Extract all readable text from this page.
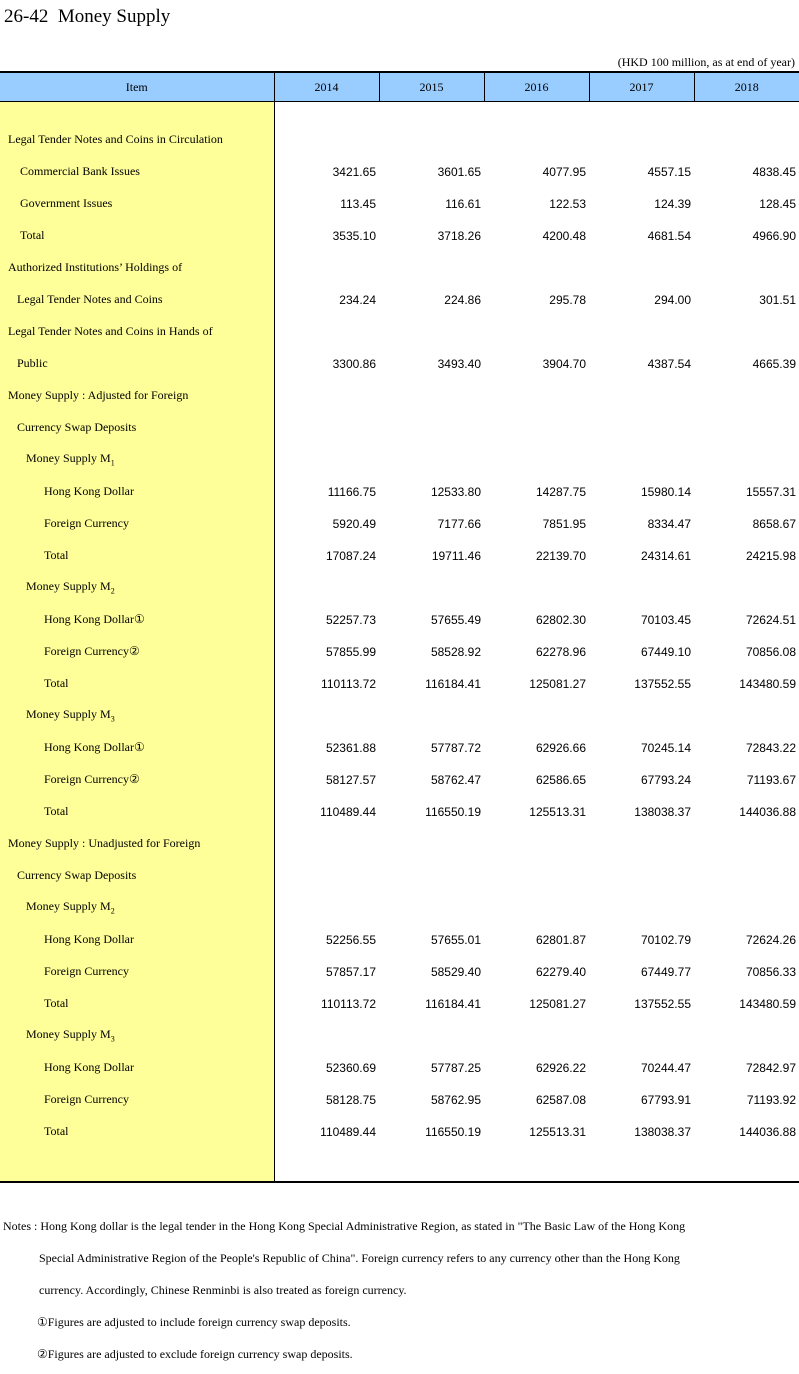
26-42  Money Supply
(HKD 100 million, as at end of year)
Item	2014	2015	2016	2017	2018

Legal Tender Notes and Coins in Circulation					
Commercial Bank Issues	3421.65	3601.65	4077.95	4557.15	4838.45
Government Issues	113.45	116.61	122.53	124.39	128.45
Total	3535.10	3718.26	4200.48	4681.54	4966.90
Authorized Institutions’ Holdings of					
Legal Tender Notes and Coins	234.24	224.86	295.78	294.00	301.51
Legal Tender Notes and Coins in Hands of					
Public	3300.86	3493.40	3904.70	4387.54	4665.39
Money Supply : Adjusted for Foreign					
Currency Swap Deposits					
Money Supply $M_1$					
Hong Kong Dollar	11166.75	12533.80	14287.75	15980.14	15557.31
Foreign Currency	5920.49	7177.66	7851.95	8334.47	8658.67
Total	17087.24	19711.46	22139.70	24314.61	24215.98
Money Supply $M_2$					
Hong Kong Dollar①	52257.73	57655.49	62802.30	70103.45	72624.51
Foreign Currency②	57855.99	58528.92	62278.96	67449.10	70856.08
Total	110113.72	116184.41	125081.27	137552.55	143480.59
Money Supply $M_3$					
Hong Kong Dollar①	52361.88	57787.72	62926.66	70245.14	72843.22
Foreign Currency②	58127.57	58762.47	62586.65	67793.24	71193.67
Total	110489.44	116550.19	125513.31	138038.37	144036.88
Money Supply : Unadjusted for Foreign					
Currency Swap Deposits					
Money Supply $M_2$					
Hong Kong Dollar	52256.55	57655.01	62801.87	70102.79	72624.26
Foreign Currency	57857.17	58529.40	62279.40	67449.77	70856.33
Total	110113.72	116184.41	125081.27	137552.55	143480.59
Money Supply $M_3$					
Hong Kong Dollar	52360.69	57787.25	62926.22	70244.47	72842.97
Foreign Currency	58128.75	58762.95	62587.08	67793.91	71193.92
Total	110489.44	116550.19	125513.31	138038.37	144036.88

Notes : Hong Kong dollar is the legal tender in the Hong Kong Special Administrative Region, as stated in "The Basic Law of the Hong Kong
Special Administrative Region of the People's Republic of China". Foreign currency refers to any currency other than the Hong Kong
currency. Accordingly, Chinese Renminbi is also treated as foreign currency.
①Figures are adjusted to include foreign currency swap deposits.
②Figures are adjusted to exclude foreign currency swap deposits.
